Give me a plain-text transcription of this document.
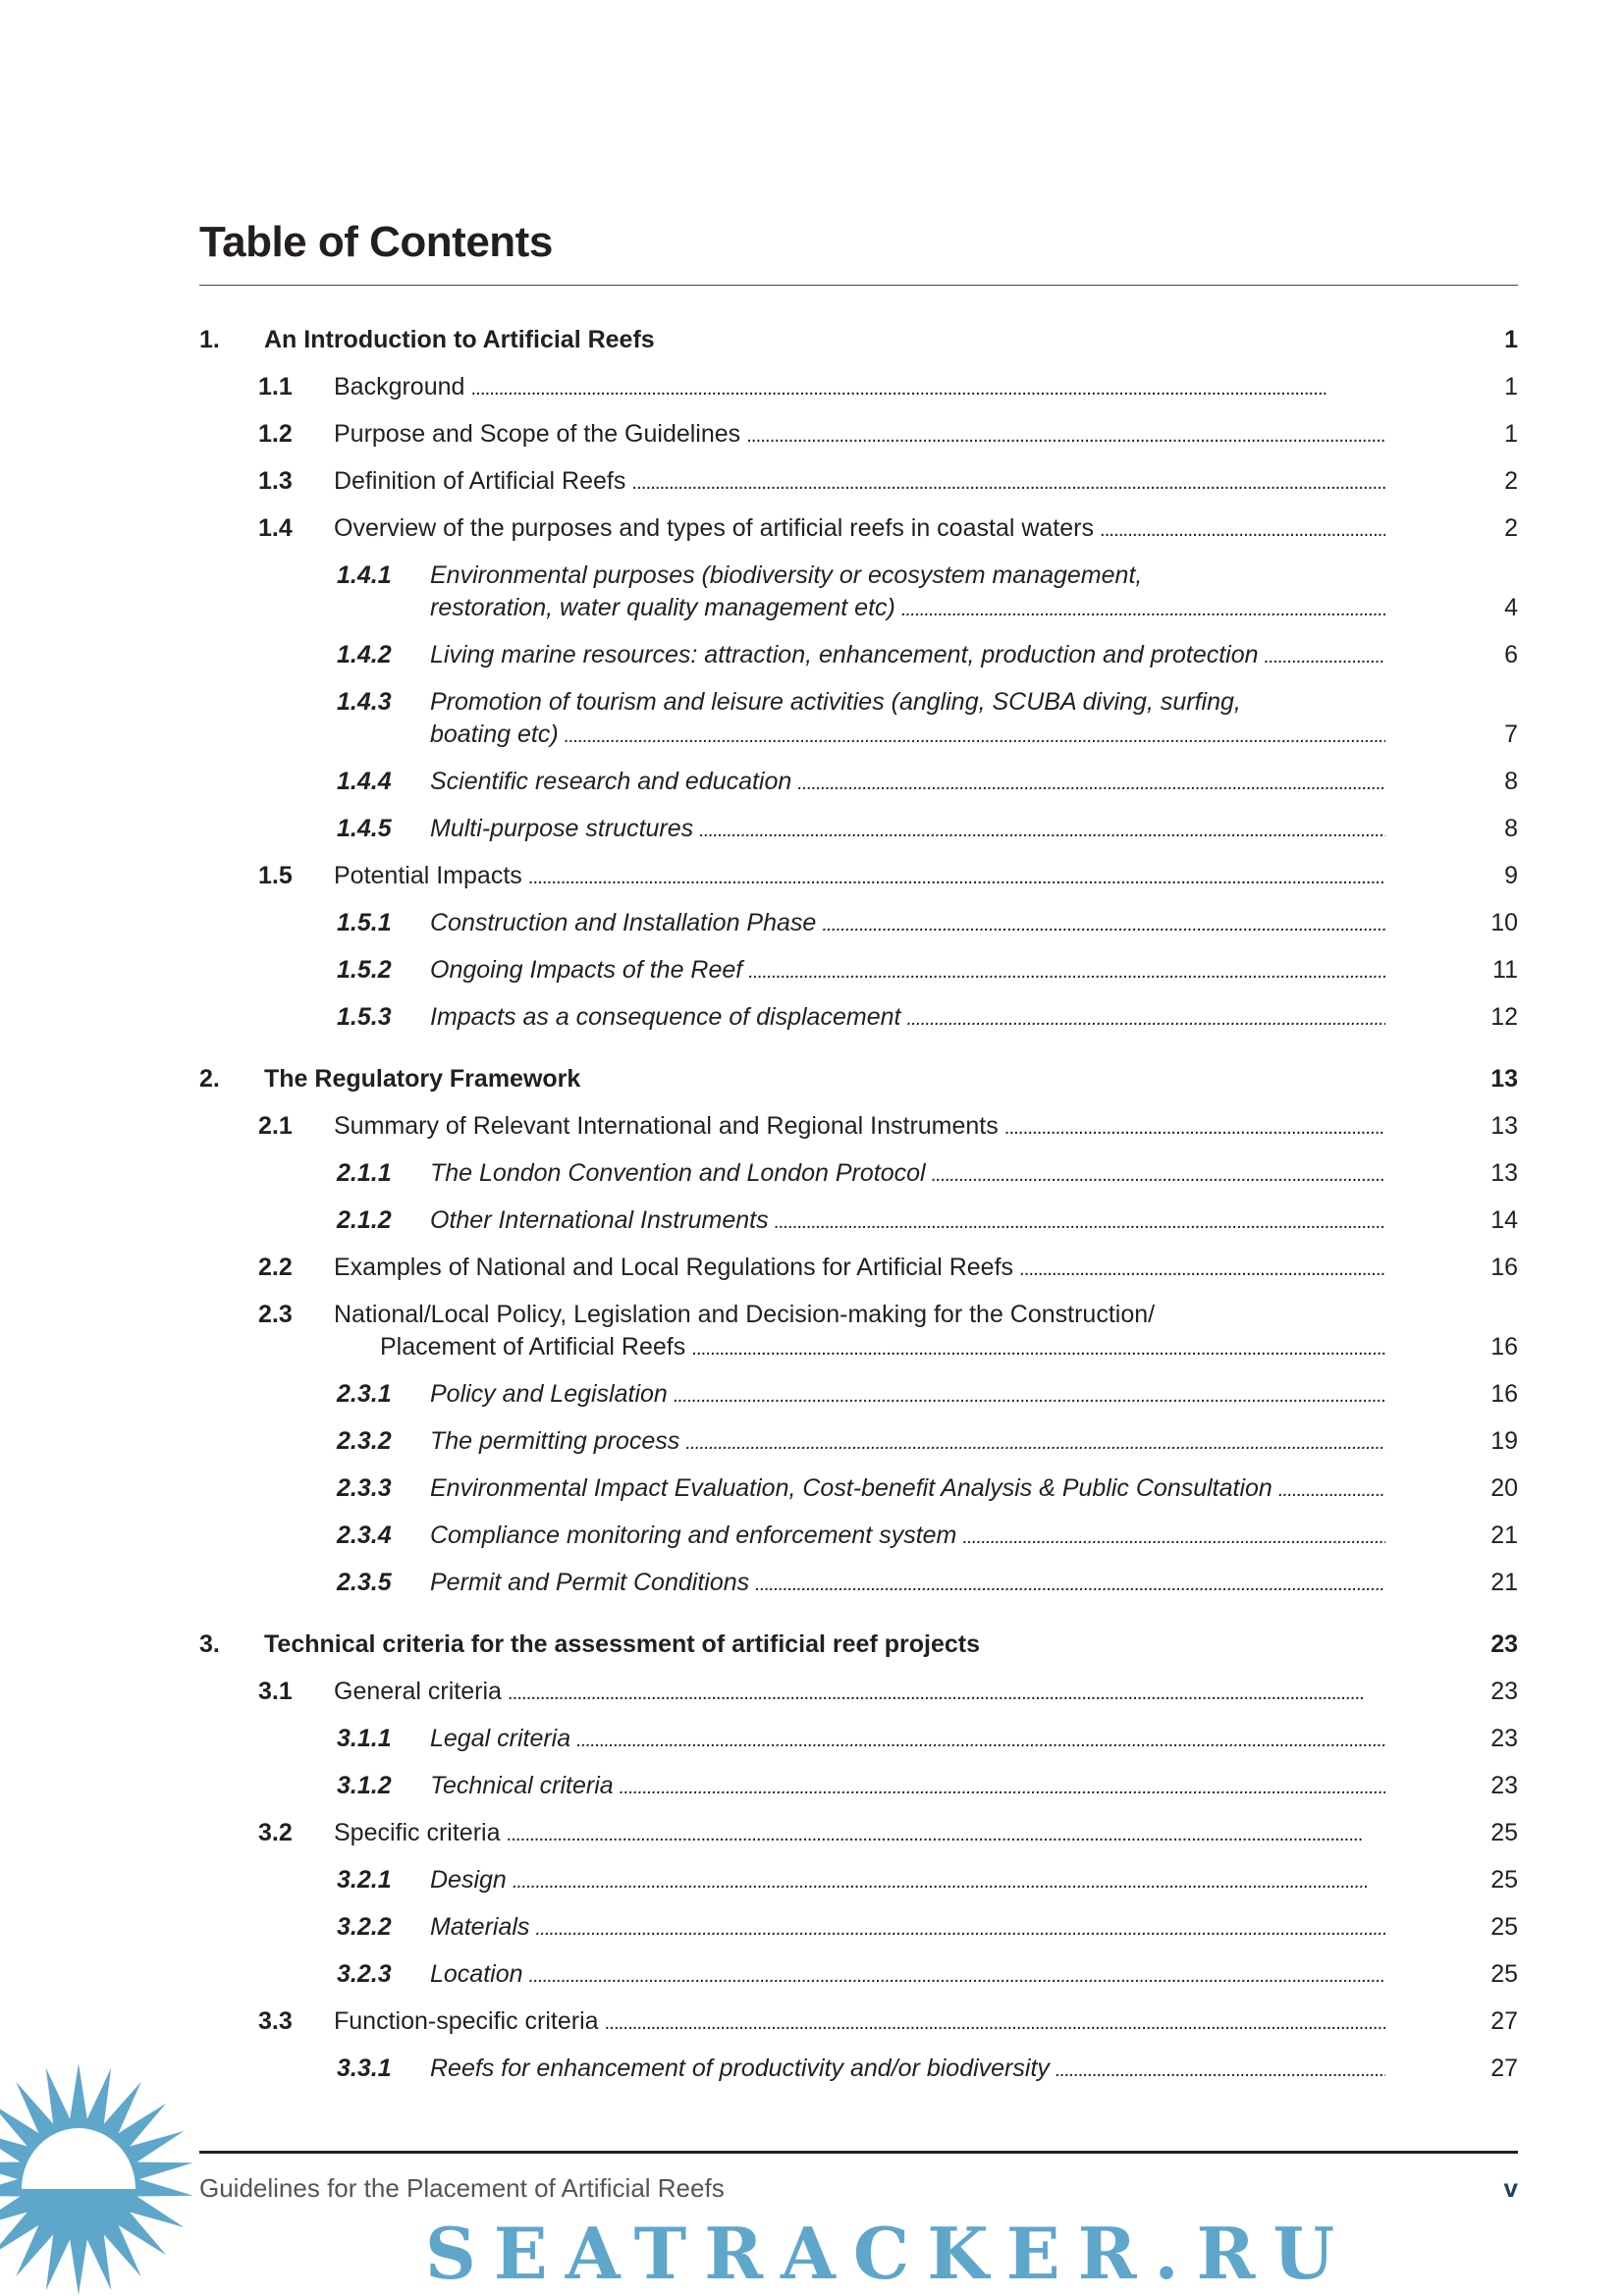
Table of Contents
1. An Introduction to Artificial Reefs	1
1.1 Background . . .	1
1.2 Purpose and Scope of the Guidelines . . .	1
1.3 Definition of Artificial Reefs . . .	2
1.4 Overview of the purposes and types of artificial reefs in coastal waters . . .	2
1.4.1 Environmental purposes (biodiversity or ecosystem management,
restoration, water quality management etc) . . .	4
1.4.2 Living marine resources: attraction, enhancement, production and protection . . .	6
1.4.3 Promotion of tourism and leisure activities (angling, SCUBA diving, surfing,
boating etc) . . .	7
1.4.4 Scientific research and education . . .	8
1.4.5 Multi-purpose structures . . .	8
1.5 Potential Impacts . . .	9
1.5.1 Construction and Installation Phase . . .	10
1.5.2 Ongoing Impacts of the Reef . . .	11
1.5.3 Impacts as a consequence of displacement . . .	12
2. The Regulatory Framework	13
2.1 Summary of Relevant International and Regional Instruments . . .	13
2.1.1 The London Convention and London Protocol . . .	13
2.1.2 Other International Instruments . . .	14
2.2 Examples of National and Local Regulations for Artificial Reefs . . .	16
2.3 National/Local Policy, Legislation and Decision-making for the Construction/
Placement of Artificial Reefs . . .	16
2.3.1 Policy and Legislation . . .	16
2.3.2 The permitting process . . .	19
2.3.3 Environmental Impact Evaluation, Cost-benefit Analysis & Public Consultation . . .	20
2.3.4 Compliance monitoring and enforcement system . . .	21
2.3.5 Permit and Permit Conditions . . .	21
3. Technical criteria for the assessment of artificial reef projects	23
3.1 General criteria . . .	23
3.1.1 Legal criteria . . .	23
3.1.2 Technical criteria . . .	23
3.2 Specific criteria . . .	25
3.2.1 Design . . .	25
3.2.2 Materials . . .	25
3.2.3 Location . . .	25
3.3 Function-specific criteria . . .	27
3.3.1 Reefs for enhancement of productivity and/or biodiversity . . .	27
Guidelines for the Placement of Artificial Reefs	v
SEATRACKER.RU
